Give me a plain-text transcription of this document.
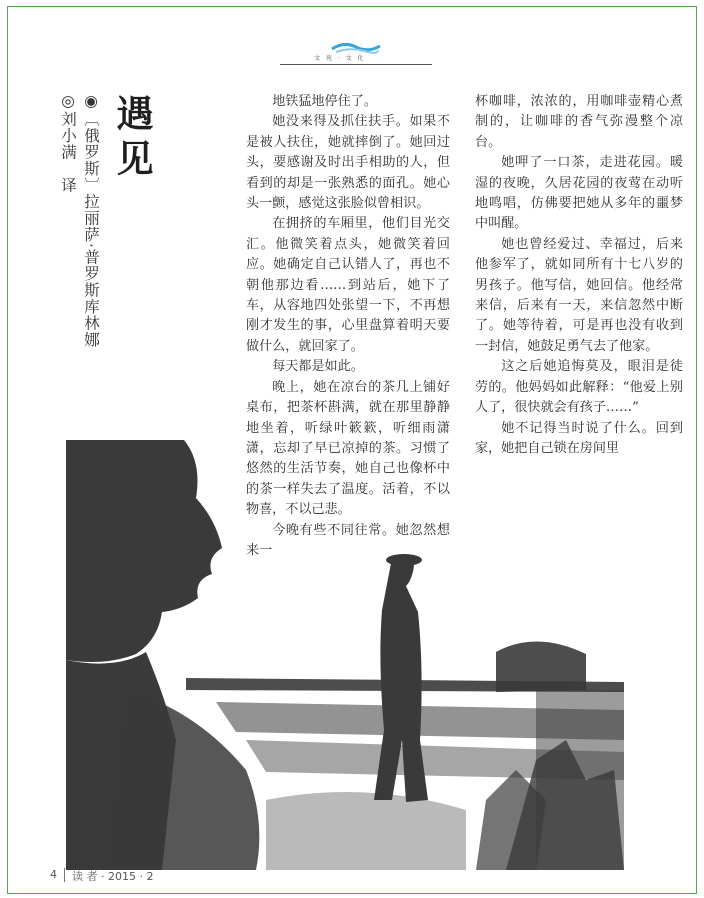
文 苑 · 文 化
遇见
◉〔俄罗斯〕拉丽萨·普罗斯库林娜
◎刘小满　译	地铁猛地停住了。

她没来得及抓住扶手。如果不是被人扶住，她就摔倒了。她回过头，要感谢及时出手相助的人，但看到的却是一张熟悉的面孔。她心头一颤，感觉这张脸似曾相识。

在拥挤的车厢里，他们目光交汇。他微笑着点头，她微笑着回应。她确定自己认错人了，再也不朝他那边看……到站后，她下了车，从容地四处张望一下，不再想刚才发生的事，心里盘算着明天要做什么，就回家了。

每天都是如此。

晚上，她在凉台的茶几上铺好桌布，把茶杯斟满，就在那里静静地坐着，听绿叶簌簌，听细雨潇潇，忘却了早已凉掉的茶。习惯了悠然的生活节奏，她自己也像杯中的茶一样失去了温度。活着，不以物喜，不以己悲。

今晚有些不同往常。她忽然想来一

杯咖啡，浓浓的，用咖啡壶精心煮制的，让咖啡的香气弥漫整个凉台。

她呷了一口茶，走进花园。暖湿的夜晚，久居花园的夜莺在动听地鸣唱，仿佛要把她从多年的噩梦中叫醒。

她也曾经爱过、幸福过，后来他参军了，就如同所有十七八岁的男孩子。他写信，她回信。他经常来信，后来有一天，来信忽然中断了。她等待着，可是再也没有收到一封信，她鼓足勇气去了他家。

这之后她追悔莫及，眼泪是徒劳的。他妈妈如此解释：“他爱上别人了，很快就会有孩子……”

她不记得当时说了什么。回到家，她把自己锁在房间里

4 读 者 · 2015 · 2
